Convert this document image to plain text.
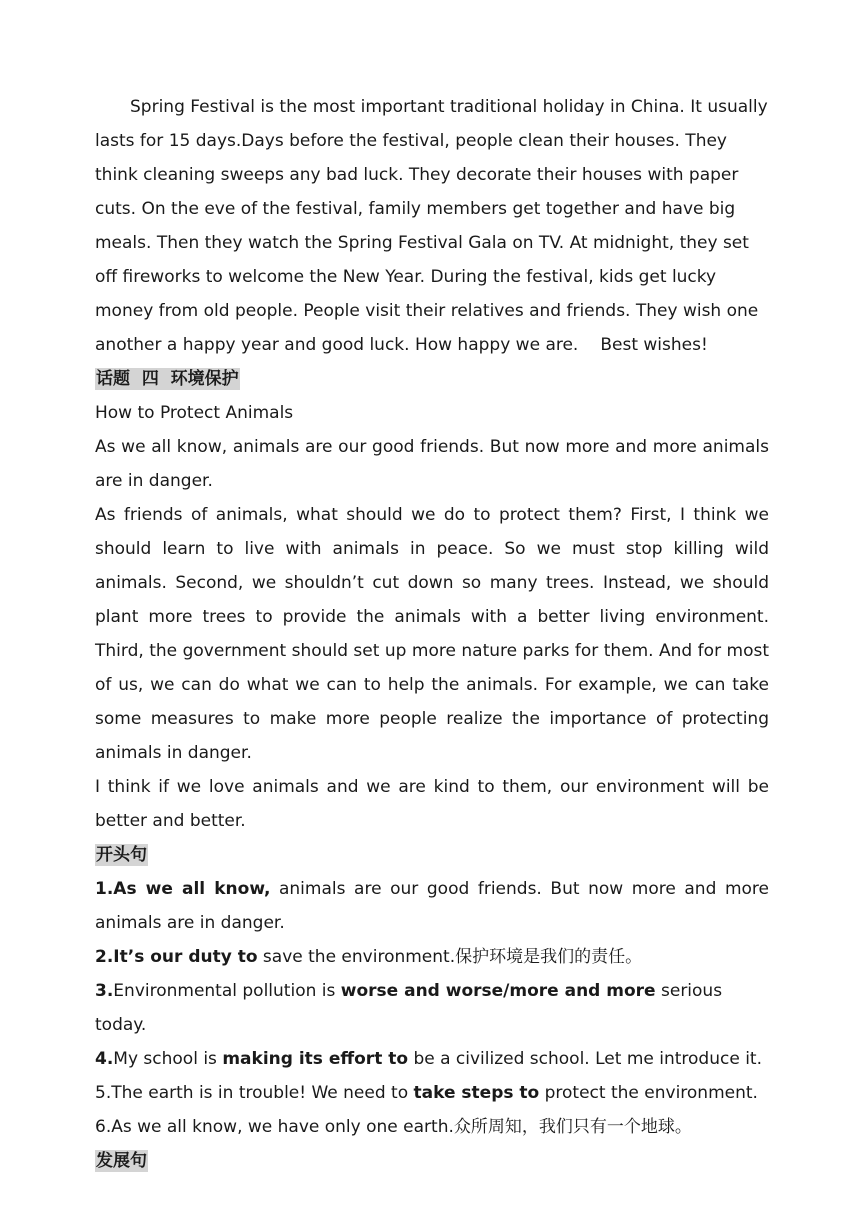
Spring Festival is the most important traditional holiday in China. It usually lasts for 15 days.Days before the festival, people clean their houses. They think cleaning sweeps any bad luck. They decorate their houses with paper cuts. On the eve of the festival, family members get together and have big meals. Then they watch the Spring Festival Gala on TV. At midnight, they set off fireworks to welcome the New Year. During the festival, kids get lucky money from old people. People visit their relatives and friends. They wish one another a happy year and good luck. How happy we are. Best wishes!

话题  四  环境保护

How to Protect Animals

As we all know, animals are our good friends. But now more and more animals are in danger.

As friends of animals, what should we do to protect them? First, I think we should learn to live with animals in peace. So we must stop killing wild animals. Second, we shouldn’t cut down so many trees. Instead, we should plant more trees to provide the animals with a better living environment. Third, the government should set up more nature parks for them. And for most of us, we can do what we can to help the animals. For example, we can take some measures to make more people realize the importance of protecting animals in danger.

I think if we love animals and we are kind to them, our environment will be better and better.

开头句

1.As we all know, animals are our good friends. But now more and more animals are in danger.

2.It’s our duty to save the environment.保护环境是我们的责任。

3.Environmental pollution is worse and worse/more and more serious today.

4.My school is making its effort to be a civilized school. Let me introduce it.

5.The earth is in trouble! We need to take steps to protect the environment.

6.As we all know, we have only one earth.众所周知，我们只有一个地球。

发展句
